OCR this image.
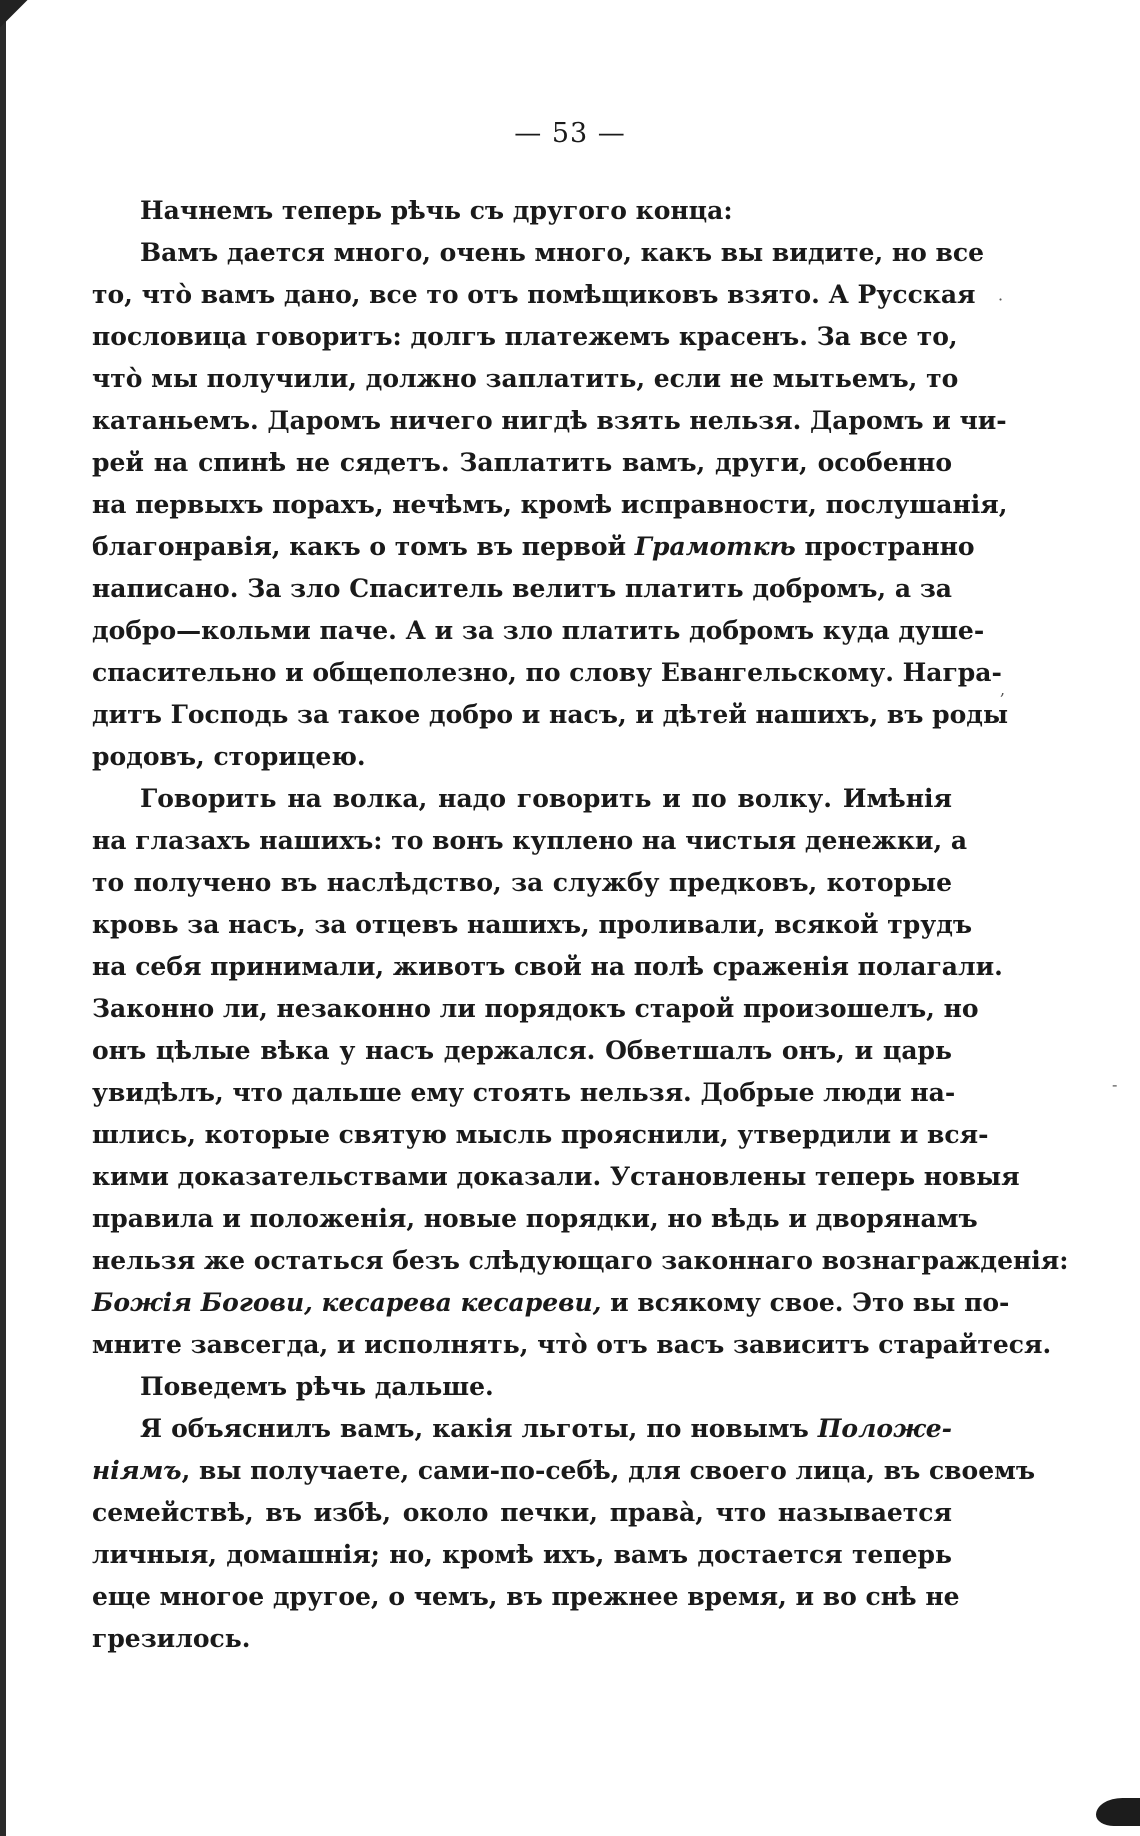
·
,
-
— 53 —
Начнемъ теперь рѣчь съ другого конца:
Вамъ дается много, очень много, какъ вы видите, но все
то, что̀ вамъ дано, все то отъ помѣщиковъ взято. А Русская
пословица говоритъ: долгъ платежемъ красенъ. За все то,
что̀ мы получили, должно заплатить, если не мытьемъ, то
катаньемъ. Даромъ ничего нигдѣ взять нельзя. Даромъ и чи-
рей на спинѣ не сядетъ. Заплатить вамъ, други, особенно
на первыхъ порахъ, нечѣмъ, кромѣ исправности, послушанія,
благонравія, какъ о томъ въ первой Грамоткѣ пространно
написано. За зло Спаситель велитъ платить добромъ, а за
добро—кольми паче. А и за зло платить добромъ куда душе-
спасительно и общеполезно, по слову Евангельскому. Награ-
дитъ Господь за такое добро и насъ, и дѣтей нашихъ, въ роды
родовъ, сторицею.
Говорить на волка, надо говорить и по волку. Имѣнія
на глазахъ нашихъ: то вонъ куплено на чистыя денежки, а
то получено въ наслѣдство, за службу предковъ, которые
кровь за насъ, за отцевъ нашихъ, проливали, всякой трудъ
на себя принимали, животъ свой на полѣ сраженія полагали.
Законно ли, незаконно ли порядокъ старой произошелъ, но
онъ цѣлые вѣка у насъ держался. Обветшалъ онъ, и царь
увидѣлъ, что дальше ему стоять нельзя. Добрые люди на-
шлись, которые святую мысль прояснили, утвердили и вся-
кими доказательствами доказали. Установлены теперь новыя
правила и положенія, новые порядки, но вѣдь и дворянамъ
нельзя же остаться безъ слѣдующаго законнаго вознагражденія:
Божія Богови, кесарева кесареви, и всякому свое. Это вы по-
мните завсегда, и исполнять, что̀ отъ васъ зависитъ старайтеся.
Поведемъ рѣчь дальше.
Я объяснилъ вамъ, какія льготы, по новымъ Положе-
ніямъ, вы получаете, сами-по-себѣ, для своего лица, въ своемъ
семействѣ, въ избѣ, около печки, права̀, что называется
личныя, домашнія; но, кромѣ ихъ, вамъ достается теперь
еще многое другое, о чемъ, въ прежнее время, и во снѣ не
грезилось.
